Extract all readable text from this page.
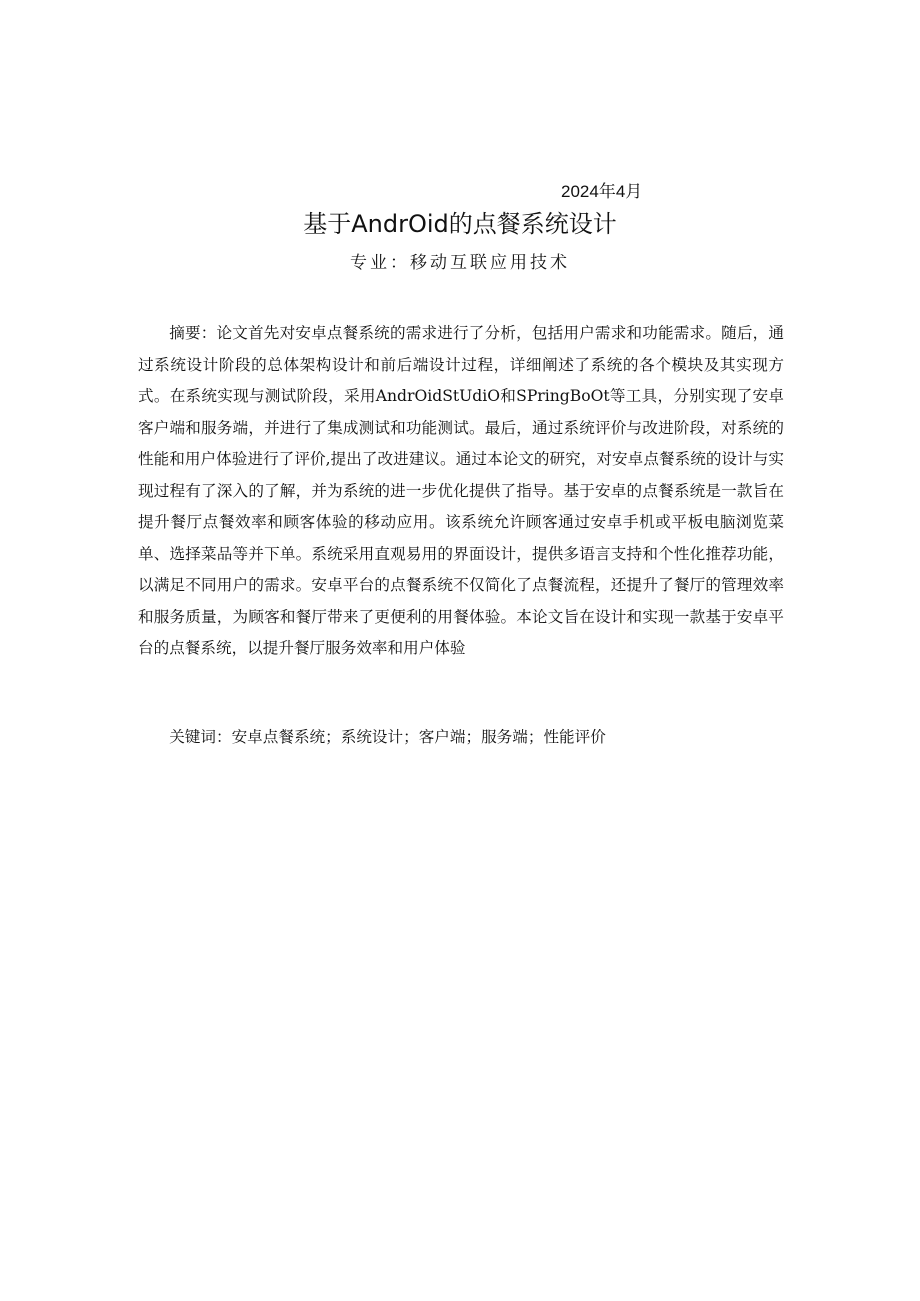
2024年4月
基于AndrOid的点餐系统设计
专业：移动互联应用技术

摘要：论文首先对安卓点餐系统的需求进行了分析，包括用户需求和功能需求。随后，通过系统设计阶段的总体架构设计和前后端设计过程，详细阐述了系统的各个模块及其实现方式。在系统实现与测试阶段，采用AndrOidStUdiO和SPringBoOt等工具，分别实现了安卓客户端和服务端，并进行了集成测试和功能测试。最后，通过系统评价与改进阶段，对系统的性能和用户体验进行了评价,提出了改进建议。通过本论文的研究，对安卓点餐系统的设计与实现过程有了深入的了解，并为系统的进一步优化提供了指导。基于安卓的点餐系统是一款旨在提升餐厅点餐效率和顾客体验的移动应用。该系统允许顾客通过安卓手机或平板电脑浏览菜单、选择菜品等并下单。系统采用直观易用的界面设计，提供多语言支持和个性化推荐功能，以满足不同用户的需求。安卓平台的点餐系统不仅简化了点餐流程，还提升了餐厅的管理效率和服务质量，为顾客和餐厅带来了更便利的用餐体验。本论文旨在设计和实现一款基于安卓平台的点餐系统，以提升餐厅服务效率和用户体验

关键词：安卓点餐系统；系统设计；客户端；服务端；性能评价
